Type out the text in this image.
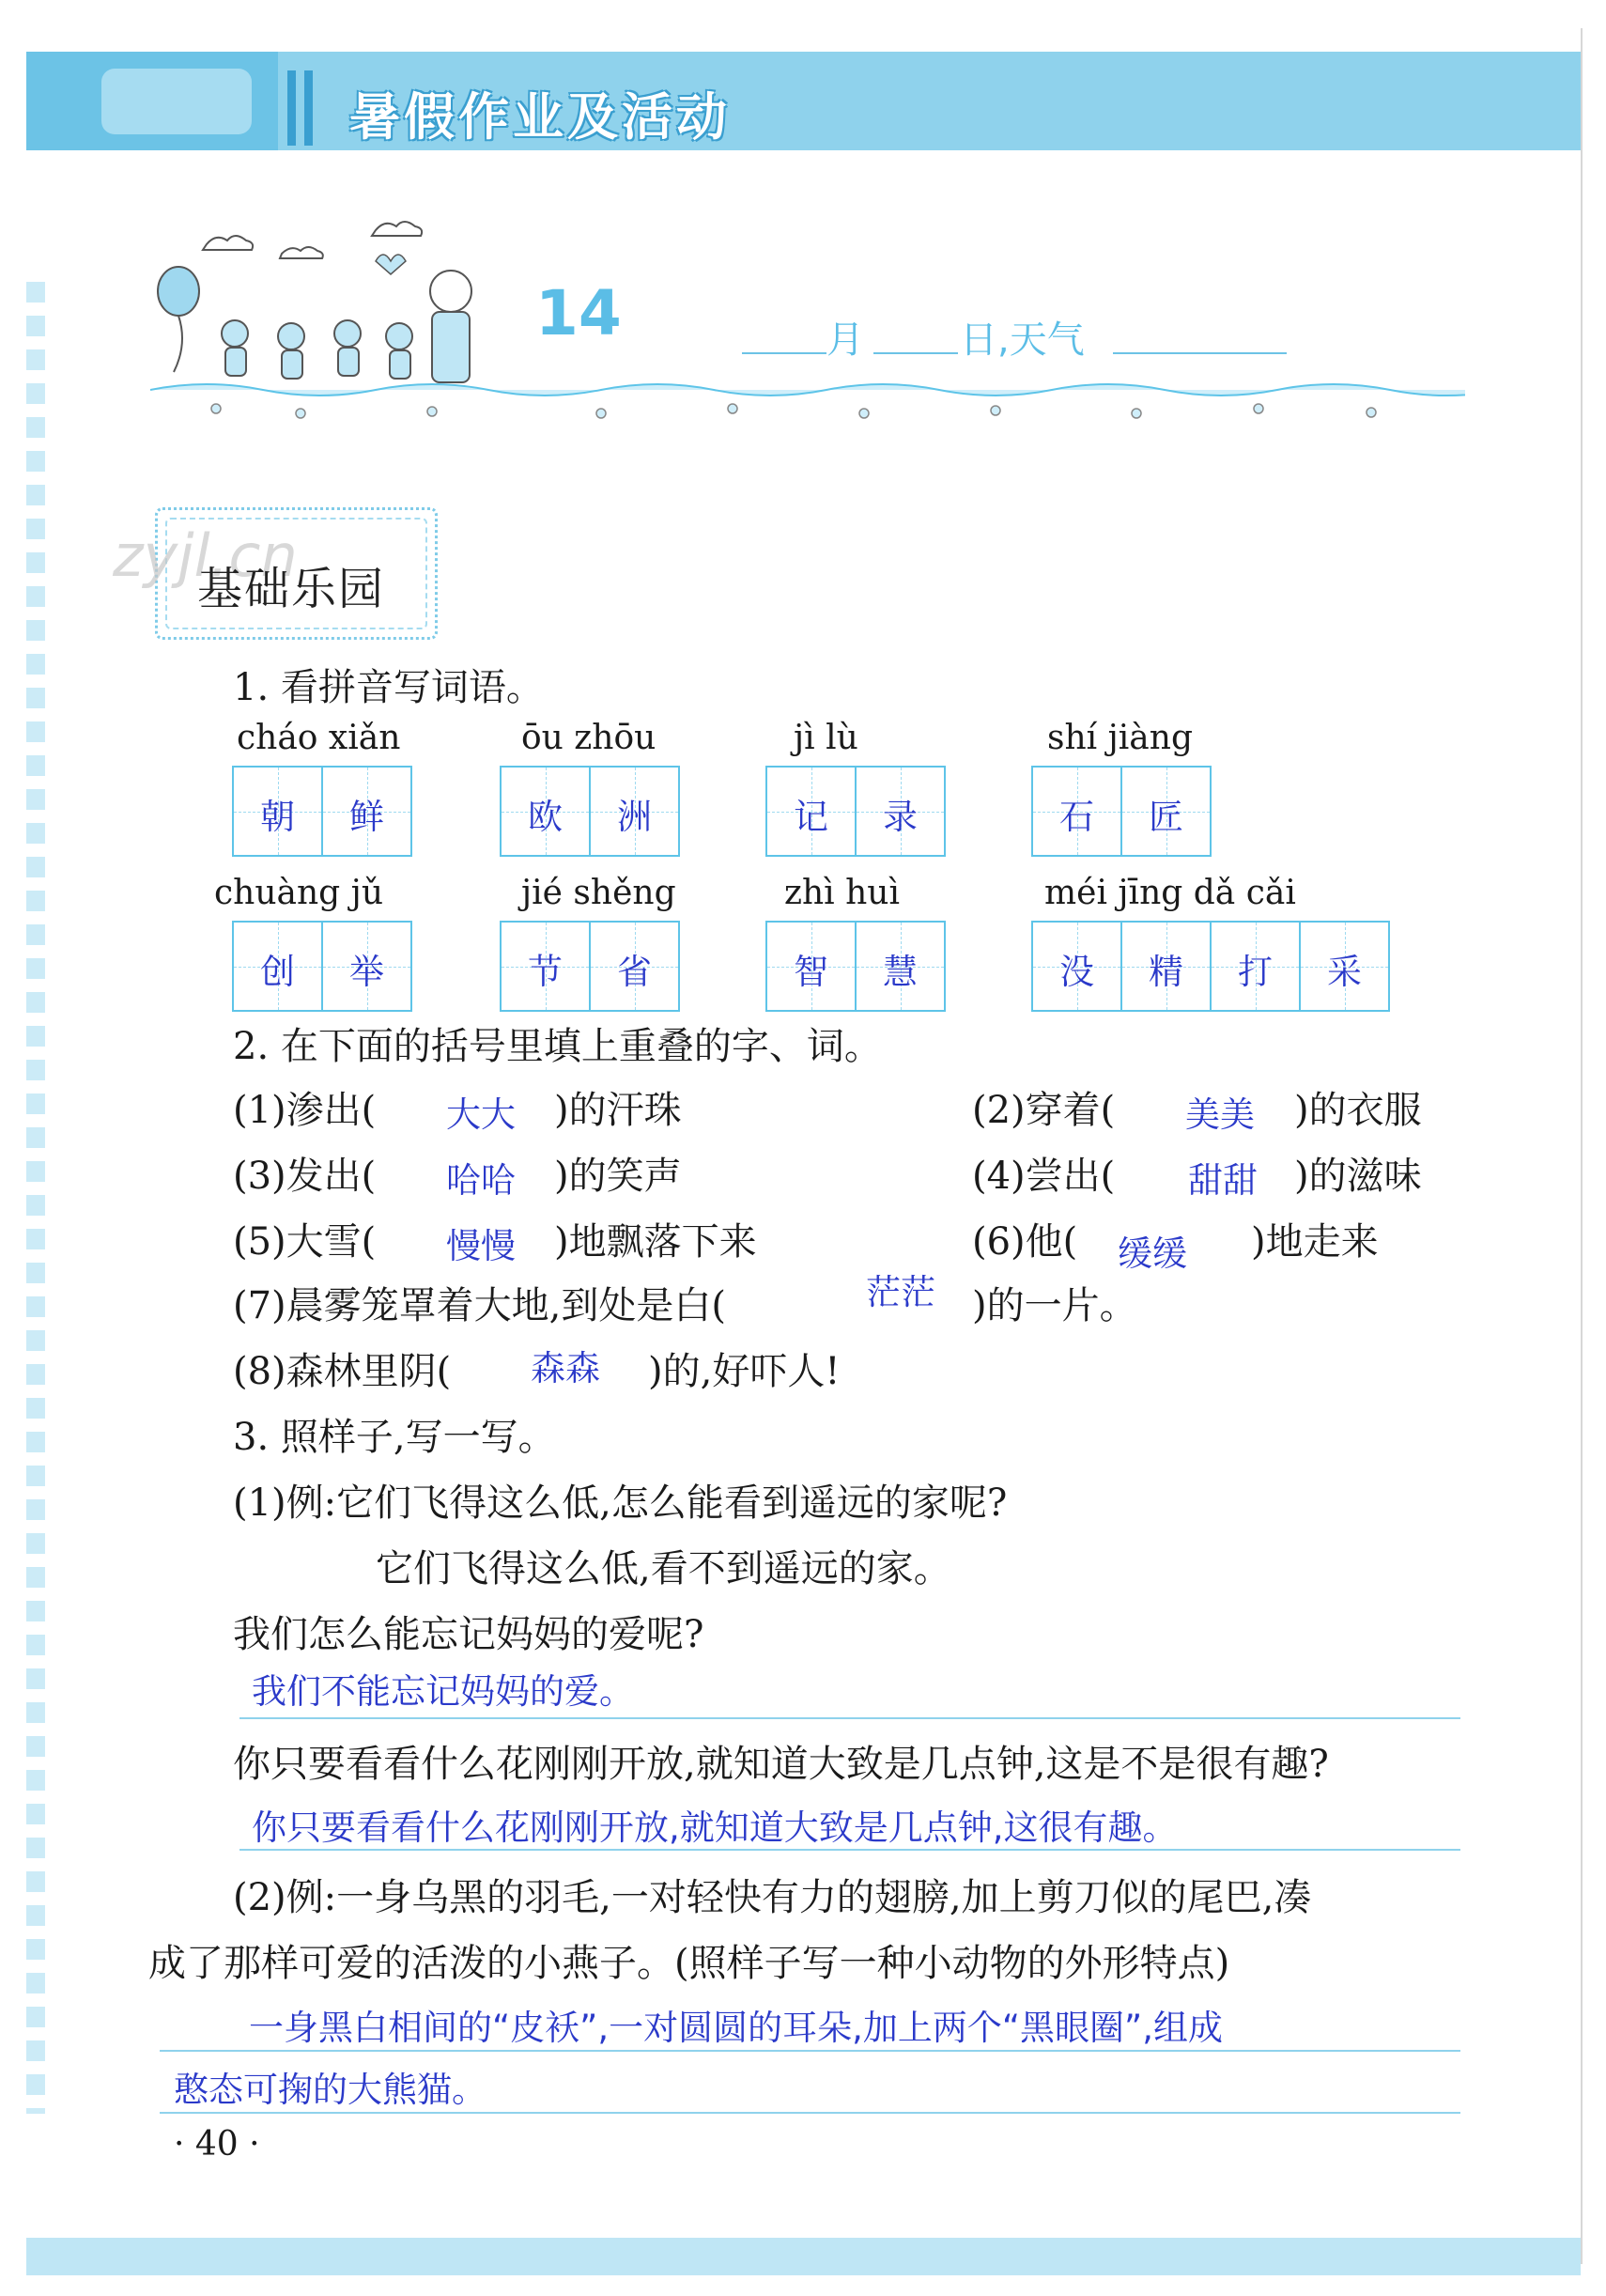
暑假作业及活动
14	月	日,天气
zyjl.cn
基础乐园
1. 看拼音写词语。
cháo xiǎn	ōu zhōu	jì lù	shí jiàng
朝	鲜	欧	洲	记	录	石	匠
chuàng jǔ	jié shěng	zhì huì	méi jīng dǎ cǎi
创	举	节	省	智	慧	没	精	打	采
2. 在下面的括号里填上重叠的字、词。
(1)渗出( 大大 )的汗珠	(2)穿着( 美美 )的衣服
(3)发出( 哈哈 )的笑声	(4)尝出( 甜甜 )的滋味
(5)大雪( 慢慢 )地飘落下来	(6)他( 缓缓 )地走来
(7)晨雾笼罩着大地,到处是白(	茫茫 )的一片。
(8)森林里阴( 森森 )的,好吓人!
3. 照样子,写一写。
(1)例:它们飞得这么低,怎么能看到遥远的家呢?
它们飞得这么低,看不到遥远的家。
我们怎么能忘记妈妈的爱呢?
我们不能忘记妈妈的爱。
你只要看看什么花刚刚开放,就知道大致是几点钟,这是不是很有趣?
你只要看看什么花刚刚开放,就知道大致是几点钟,这很有趣。
(2)例:一身乌黑的羽毛,一对轻快有力的翅膀,加上剪刀似的尾巴,凑
成了那样可爱的活泼的小燕子。(照样子写一种小动物的外形特点)
一身黑白相间的“皮袄”,一对圆圆的耳朵,加上两个“黑眼圈”,组成
憨态可掬的大熊猫。
· 40 ·
